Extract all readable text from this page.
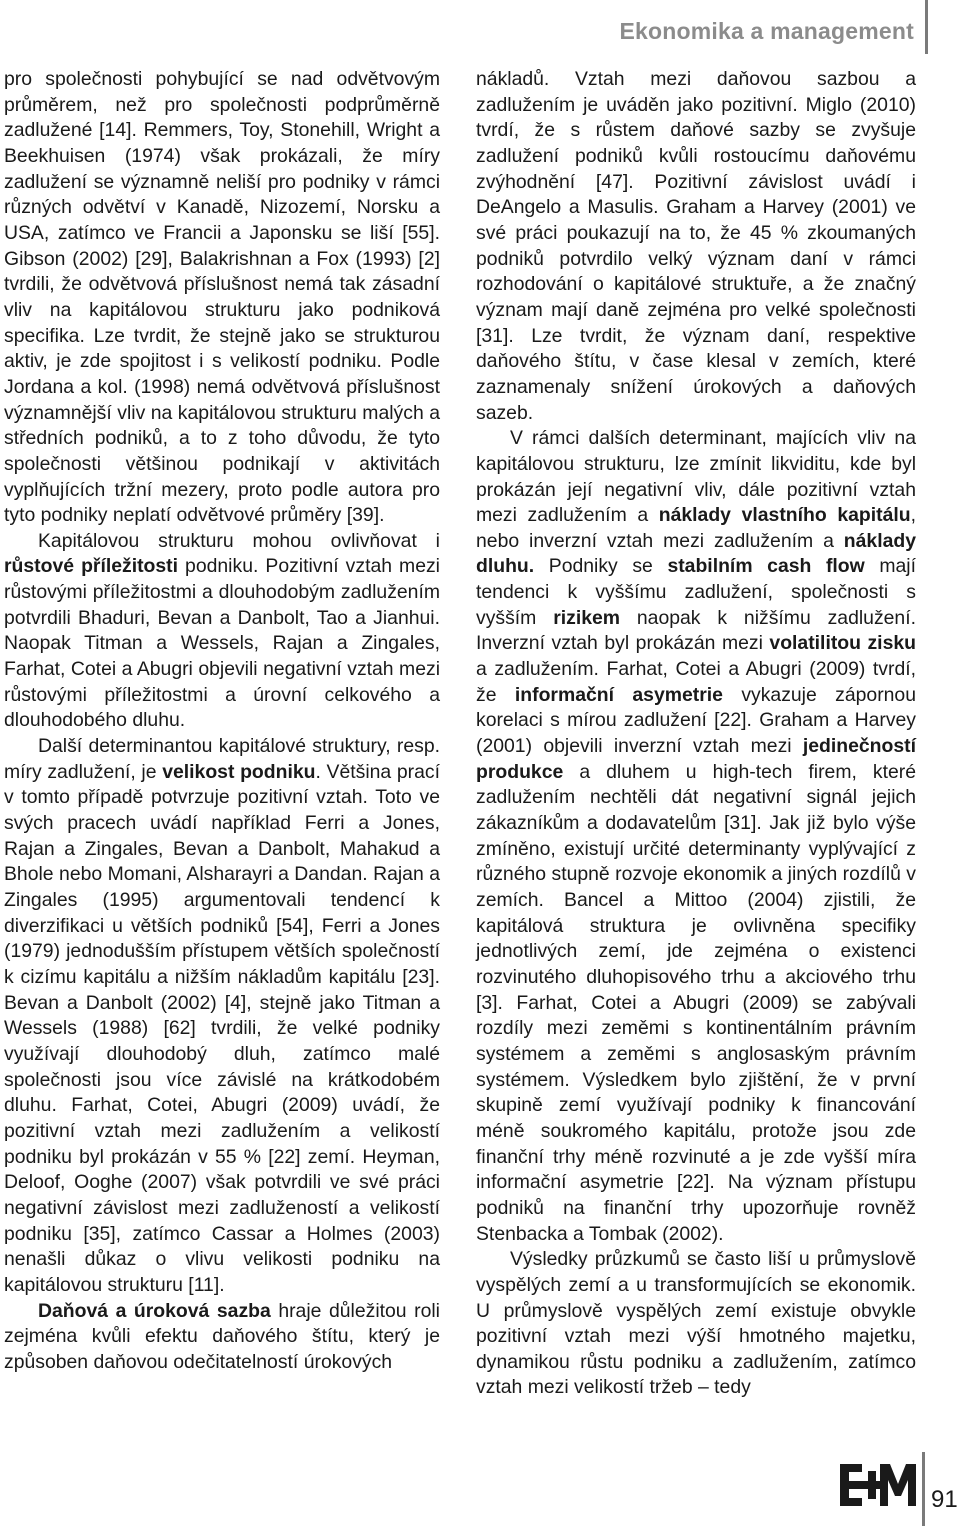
Ekonomika a management

pro společnosti pohybující se nad odvětvovým průměrem, než pro společnosti podprůměrně zadlužené [14]. Remmers, Toy, Stonehill, Wright a Beekhuisen (1974) však prokázali, že míry zadlužení se významně neliší pro podniky v rámci různých odvětví v Kanadě, Nizozemí, Norsku a USA, zatímco ve Francii a Japonsku se liší [55]. Gibson (2002) [29], Balakrishnan a Fox (1993) [2] tvrdili, že odvětvová příslušnost nemá tak zásadní vliv na kapitálovou strukturu jako podniková specifika. Lze tvrdit, že stejně jako se strukturou aktiv, je zde spojitost i s velikostí podniku. Podle Jordana a kol. (1998) nemá odvětvová příslušnost významnější vliv na kapitálovou strukturu malých a středních podniků, a to z toho důvodu, že tyto společnosti většinou podnikají v aktivitách vyplňujících tržní mezery, proto podle autora pro tyto podniky neplatí odvětvové průměry [39].

Kapitálovou strukturu mohou ovlivňovat i růstové příležitosti podniku. Pozitivní vztah mezi růstovými příležitostmi a dlouhodobým zadlužením potvrdili Bhaduri, Bevan a Danbolt, Tao a Jianhui. Naopak Titman a Wessels, Rajan a Zingales, Farhat, Cotei a Abugri objevili negativní vztah mezi růstovými příležitostmi a úrovní celkového a dlouhodobého dluhu.

Další determinantou kapitálové struktury, resp. míry zadlužení, je velikost podniku. Většina prací v tomto případě potvrzuje pozitivní vztah. Toto ve svých pracech uvádí například Ferri a Jones, Rajan a Zingales, Bevan a Danbolt, Mahakud a Bhole nebo Momani, Alsharayri a Dandan. Rajan a Zingales (1995) argumentovali tendencí k diverzifikaci u větších podniků [54], Ferri a Jones (1979) jednodušším přístupem větších společností k cizímu kapitálu a nižším nákladům kapitálu [23]. Bevan a Danbolt (2002) [4], stejně jako Titman a Wessels (1988) [62] tvrdili, že velké podniky využívají dlouhodobý dluh, zatímco malé společnosti jsou více závislé na krátkodobém dluhu. Farhat, Cotei, Abugri (2009) uvádí, že pozitivní vztah mezi zadlužením a velikostí podniku byl prokázán v 55 % [22] zemí. Heyman, Deloof, Ooghe (2007) však potvrdili ve své práci negativní závislost mezi zadlužeností a velikostí podniku [35], zatímco Cassar a Holmes (2003) nenašli důkaz o vlivu velikosti podniku na kapitálovou strukturu [11].

Daňová a úroková sazba hraje důležitou roli zejména kvůli efektu daňového štítu, který je způsoben daňovou odečitatelností úrokových

nákladů. Vztah mezi daňovou sazbou a zadlužením je uváděn jako pozitivní. Miglo (2010) tvrdí, že s růstem daňové sazby se zvyšuje zadlužení podniků kvůli rostoucímu daňovému zvýhodnění [47]. Pozitivní závislost uvádí i DeAngelo a Masulis. Graham a Harvey (2001) ve své práci poukazují na to, že 45 % zkoumaných podniků potvrdilo velký význam daní v rámci rozhodování o kapitálové struktuře, a že značný význam mají daně zejména pro velké společnosti [31]. Lze tvrdit, že význam daní, respektive daňového štítu, v čase klesal v zemích, které zaznamenaly snížení úrokových a daňových sazeb.

V rámci dalších determinant, majících vliv na kapitálovou strukturu, lze zmínit likviditu, kde byl prokázán její negativní vliv, dále pozitivní vztah mezi zadlužením a náklady vlastního kapitálu, nebo inverzní vztah mezi zadlužením a náklady dluhu. Podniky se stabilním cash flow mají tendenci k vyššímu zadlužení, společnosti s vyšším rizikem naopak k nižšímu zadlužení. Inverzní vztah byl prokázán mezi volatilitou zisku a zadlužením. Farhat, Cotei a Abugri (2009) tvrdí, že informační asymetrie vykazuje zápornou korelaci s mírou zadlužení [22]. Graham a Harvey (2001) objevili inverzní vztah mezi jedinečností produkce a dluhem u high-tech firem, které zadlužením nechtěli dát negativní signál jejich zákazníkům a dodavatelům [31]. Jak již bylo výše zmíněno, existují určité determinanty vyplývající z různého stupně rozvoje ekonomik a jiných rozdílů v zemích. Bancel a Mittoo (2004) zjistili, že kapitálová struktura je ovlivněna specifiky jednotlivých zemí, jde zejména o existenci rozvinutého dluhopisového trhu a akciového trhu [3]. Farhat, Cotei a Abugri (2009) se zabývali rozdíly mezi zeměmi s kontinentálním právním systémem a zeměmi s anglosaským právním systémem. Výsledkem bylo zjištění, že v první skupině zemí využívají podniky k financování méně soukromého kapitálu, protože jsou zde finanční trhy méně rozvinuté a je zde vyšší míra informační asymetrie [22]. Na význam přístupu podniků na finanční trhy upozorňuje rovněž Stenbacka a Tombak (2002).

Výsledky průzkumů se často liší u průmyslově vyspělých zemí a u transformujících se ekonomik. U průmyslově vyspělých zemí existuje obvykle pozitivní vztah mezi výší hmotného majetku, dynamikou růstu podniku a zadlužením, zatímco vztah mezi velikostí tržeb – tedy

91
